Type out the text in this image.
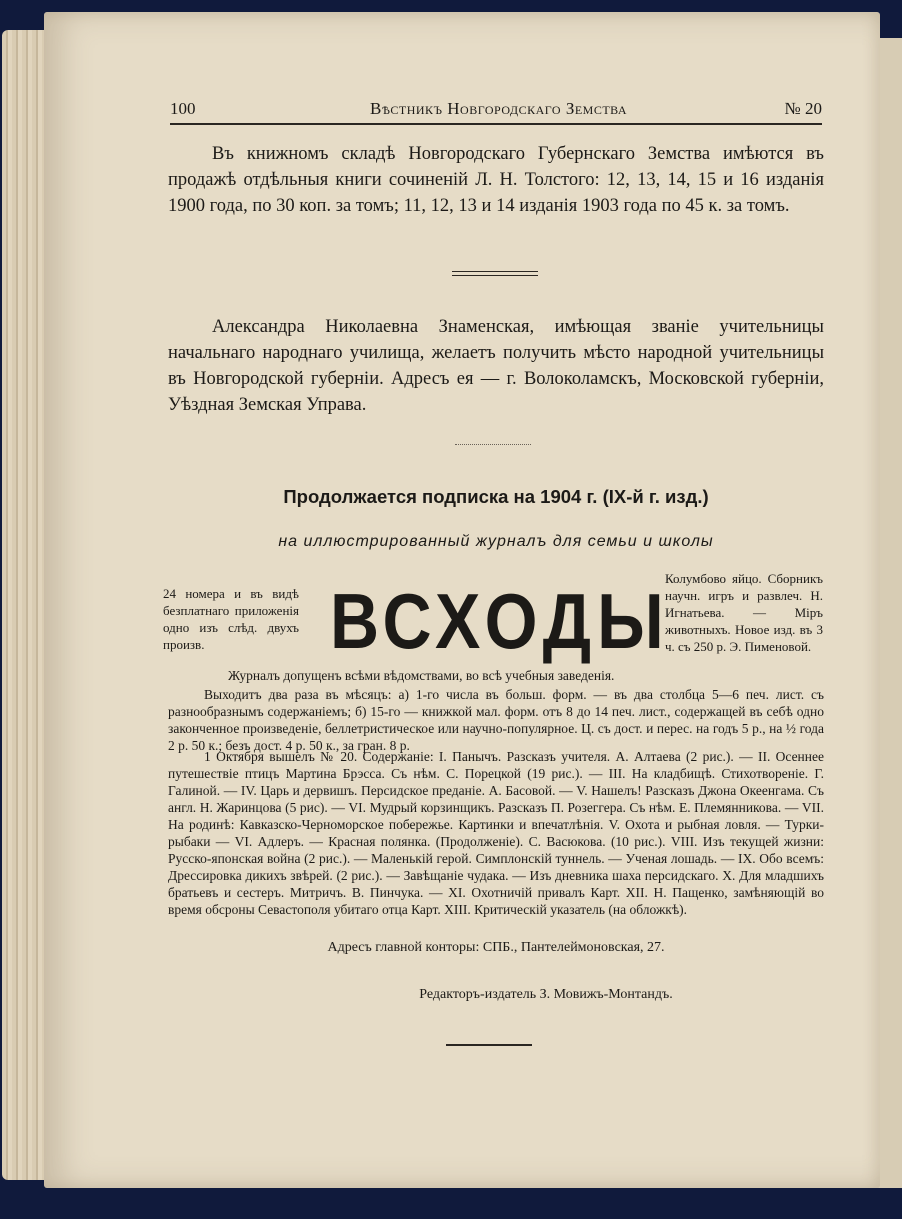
100	Вѣстникъ Новгородскаго Земства	№ 20
Въ книжномъ складѣ Новгородскаго Губернскаго Земства имѣются въ продажѣ отдѣльныя книги сочиненій Л. Н. Толстого: 12, 13, 14, 15 и 16 изданія 1900 года, по 30 коп. за томъ; 11, 12, 13 и 14 изданія 1903 года по 45 к. за томъ.
Александра Николаевна Знаменская, имѣющая званіе учительницы начальнаго народнаго училища, желаетъ получить мѣсто народной учительницы въ Новгородской губерніи. Адресъ ея — г. Волоколамскъ, Московской губерніи, Уѣздная Земская Управа.
Продолжается подписка на 1904 г. (IX-й г. изд.)
на иллюстрированный журналъ для семьи и школы
24 номера и въ видѣ безплатнаго приложенія одно изъ слѣд. двухъ произв.	ВСХОДЫ
Колумбово яйцо. Сборникъ научн. игръ и развлеч. Н. Игнатьева. — Міръ животныхъ. Новое изд. въ 3 ч. съ 250 р. Э. Пименовой.
Журналъ допущенъ всѣми вѣдомствами, во всѣ учебныя заведенія.
Выходитъ два раза въ мѣсяцъ: а) 1-го числа въ больш. форм. — въ два столбца 5—6 печ. лист. съ разнообразнымъ содержаніемъ; б) 15-го — книжкой мал. форм. отъ 8 до 14 печ. лист., содержащей въ себѣ одно законченное произведеніе, беллетристическое или научно-популярное. Ц. съ дост. и перес. на годъ 5 р., на ½ года 2 р. 50 к.; безъ дост. 4 р. 50 к., за гран. 8 р.
1 Октября вышелъ № 20. Содержаніе: I. Панычъ. Разсказъ учителя. А. Алтаева (2 рис.). — II. Осеннее путешествіе птицъ Мартина Брэсса. Съ нѣм. С. Порецкой (19 рис.). — III. На кладбищѣ. Стихотвореніе. Г. Галиной. — IV. Царь и дервишъ. Персидское преданіе. А. Басовой. — V. Нашелъ! Разсказъ Джона Океенгама. Съ англ. Н. Жаринцова (5 рис). — VI. Мудрый корзинщикъ. Разсказъ П. Розеггера. Съ нѣм. Е. Племянникова. — VII. На родинѣ: Кавказско-Черноморское побережье. Картинки и впечатлѣнія. V. Охота и рыбная ловля. — Турки-рыбаки — VI. Адлеръ. — Красная полянка. (Продолженіе). С. Васюкова. (10 рис.). VIII. Изъ текущей жизни: Русско-японская война (2 рис.). — Маленькій герой. Симплонскій туннель. — Ученая лошадь. — IX. Обо всемъ: Дрессировка дикихъ звѣрей. (2 рис.). — Завѣщаніе чудака. — Изъ дневника шаха персидскаго. X. Для младшихъ братьевъ и сестеръ. Митричъ. В. Пинчука. — XI. Охотничій привалъ Карт. XII. Н. Пащенко, замѣняющій во время обсроны Севастополя убитаго отца Карт. XIII. Критическій указатель (на обложкѣ).
Адресъ главной конторы: СПБ., Пантелеймоновская, 27.
Редакторъ-издатель З. Мовижъ-Монтандъ.
